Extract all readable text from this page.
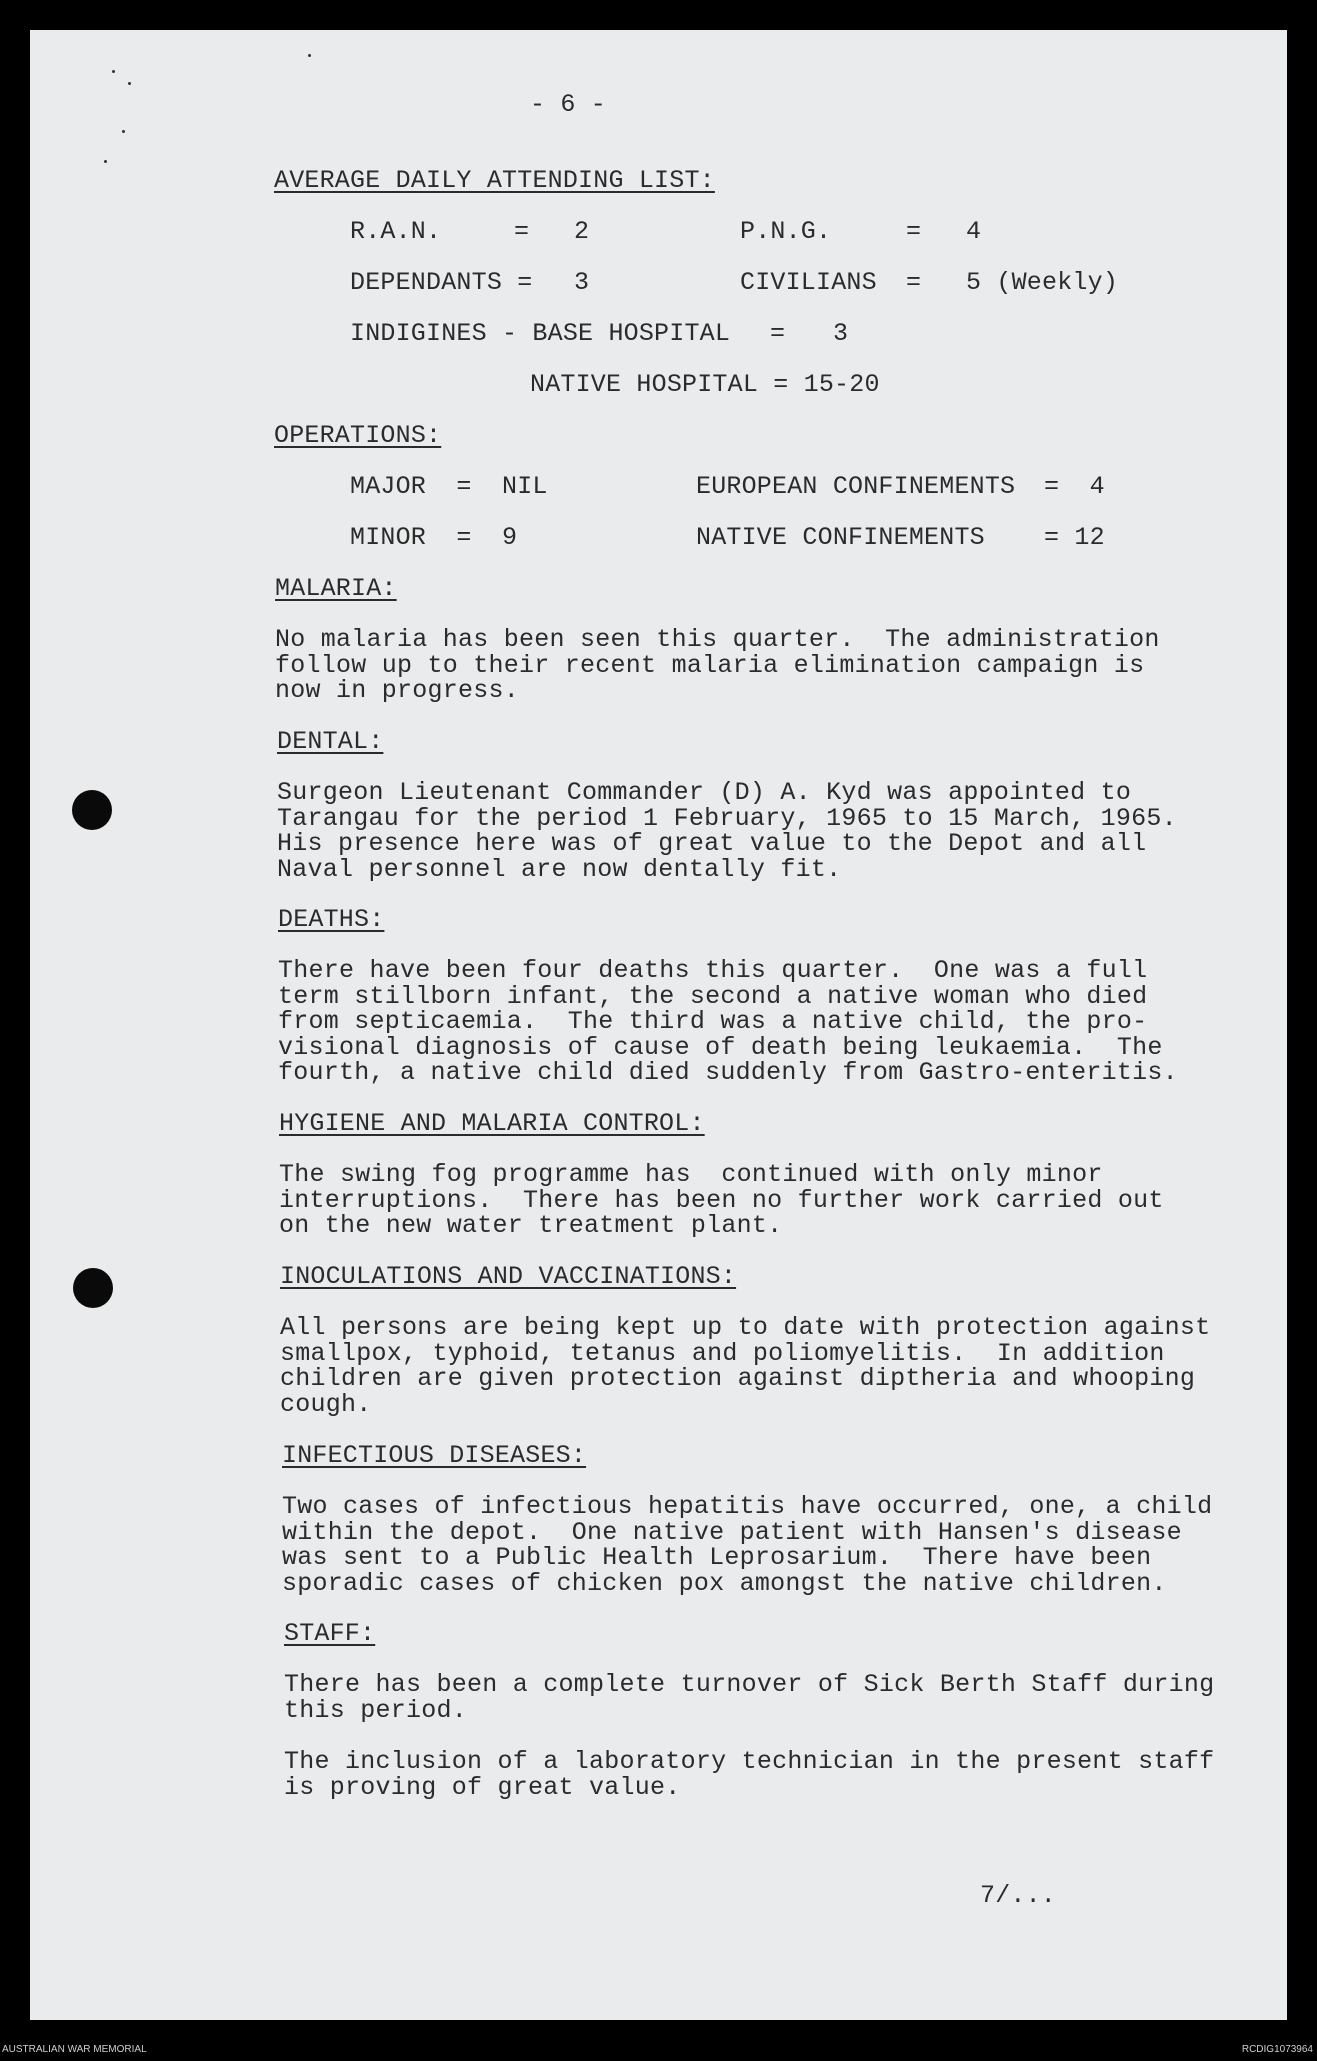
- 6 -
AVERAGE DAILY ATTENDING LIST:
R.A.N.	= 2	P.N.G.	= 4
DEPENDANTS = 3	CIVILIANS = 5 (Weekly)
INDIGINES - BASE HOSPITAL = 3
NATIVE HOSPITAL = 15-20
OPERATIONS:
MAJOR  =  NIL	EUROPEAN CONFINEMENTS =  4
MINOR  =  9	NATIVE CONFINEMENTS = 12
MALARIA:
No malaria has been seen this quarter.  The administration
follow up to their recent malaria elimination campaign is
now in progress.
DENTAL:
Surgeon Lieutenant Commander (D) A. Kyd was appointed to
Tarangau for the period 1 February, 1965 to 15 March, 1965.
His presence here was of great value to the Depot and all
Naval personnel are now dentally fit.
DEATHS:
There have been four deaths this quarter.  One was a full
term stillborn infant, the second a native woman who died
from septicaemia.  The third was a native child, the pro-
visional diagnosis of cause of death being leukaemia.  The
fourth, a native child died suddenly from Gastro-enteritis.
HYGIENE AND MALARIA CONTROL:
The swing fog programme has  continued with only minor
interruptions.  There has been no further work carried out
on the new water treatment plant.
INOCULATIONS AND VACCINATIONS:
All persons are being kept up to date with protection against
smallpox, typhoid, tetanus and poliomyelitis.  In addition
children are given protection against diptheria and whooping
cough.
INFECTIOUS DISEASES:
Two cases of infectious hepatitis have occurred, one, a child
within the depot.  One native patient with Hansen's disease
was sent to a Public Health Leprosarium.  There have been
sporadic cases of chicken pox amongst the native children.
STAFF:
There has been a complete turnover of Sick Berth Staff during
this period.
The inclusion of a laboratory technician in the present staff
is proving of great value.
7/...
AUSTRALIAN WAR MEMORIAL	RCDIG1073964
